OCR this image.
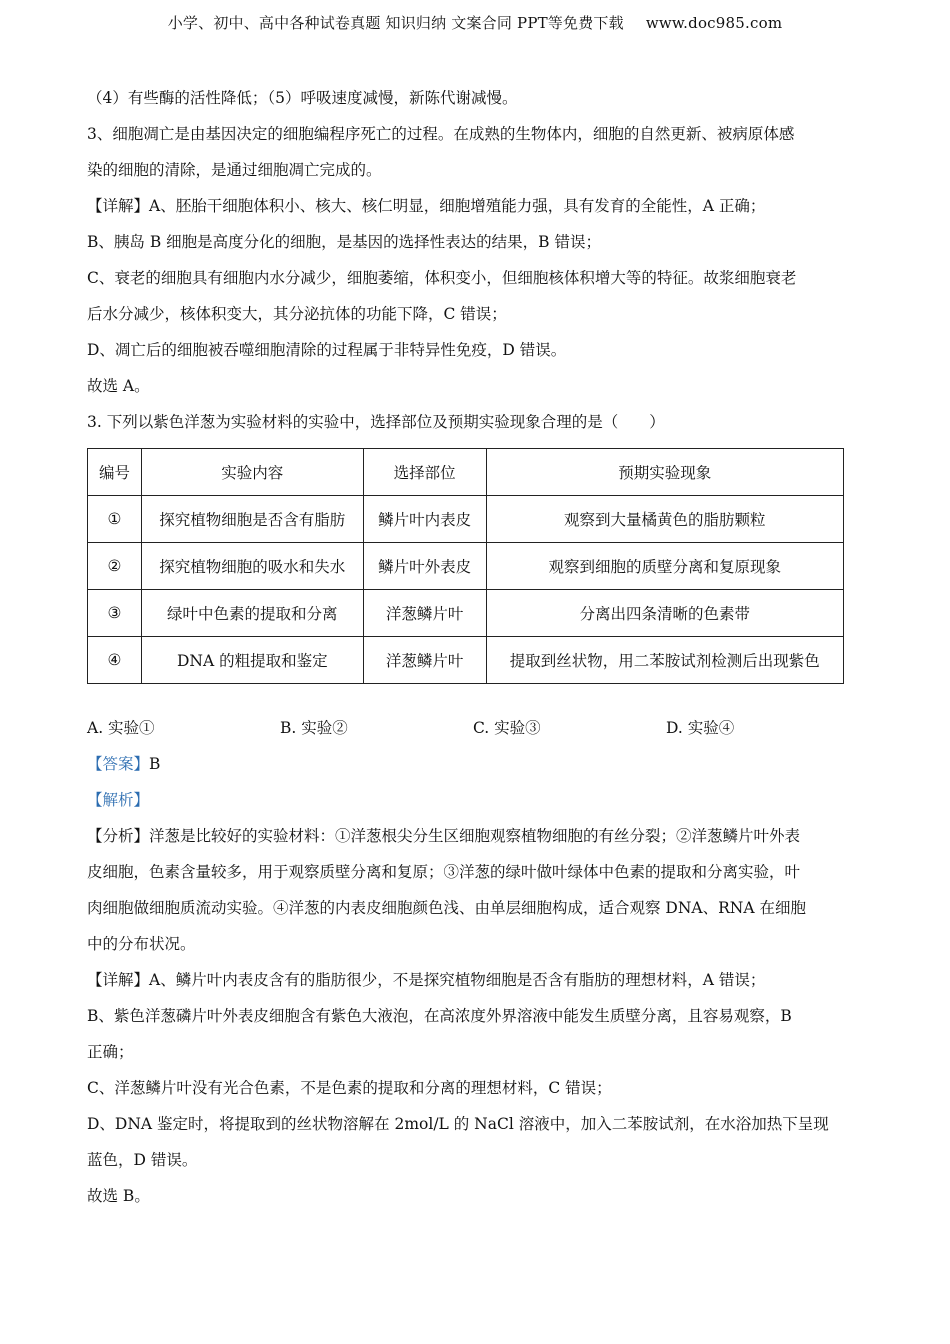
小学、初中、高中各种试卷真题 知识归纳 文案合同 PPT等免费下载 www.doc985.com

（4）有些酶的活性降低；（5）呼吸速度减慢，新陈代谢减慢。

3、细胞凋亡是由基因决定的细胞编程序死亡的过程。在成熟的生物体内，细胞的自然更新、被病原体感

染的细胞的清除，是通过细胞凋亡完成的。

【详解】A、胚胎干细胞体积小、核大、核仁明显，细胞增殖能力强，具有发育的全能性，A 正确；

B、胰岛 B 细胞是高度分化的细胞，是基因的选择性表达的结果，B 错误；

C、衰老的细胞具有细胞内水分减少，细胞萎缩，体积变小，但细胞核体积增大等的特征。故浆细胞衰老

后水分减少，核体积变大，其分泌抗体的功能下降，C 错误；

D、凋亡后的细胞被吞噬细胞清除的过程属于非特异性免疫，D 错误。

故选 A。

3. 下列以紫色洋葱为实验材料的实验中，选择部位及预期实验现象合理的是（　　）

编号	实验内容	选择部位	预期实验现象
①	探究植物细胞是否含有脂肪	鳞片叶内表皮	观察到大量橘黄色的脂肪颗粒
②	探究植物细胞的吸水和失水	鳞片叶外表皮	观察到细胞的质壁分离和复原现象
③	绿叶中色素的提取和分离	洋葱鳞片叶	分离出四条清晰的色素带
④	DNA 的粗提取和鉴定	洋葱鳞片叶	提取到丝状物，用二苯胺试剂检测后出现紫色
A. 实验①	B. 实验②	C. 实验③	D. 实验④

【答案】B

【解析】

【分析】洋葱是比较好的实验材料：①洋葱根尖分生区细胞观察植物细胞的有丝分裂；②洋葱鳞片叶外表

皮细胞，色素含量较多，用于观察质壁分离和复原；③洋葱的绿叶做叶绿体中色素的提取和分离实验，叶

肉细胞做细胞质流动实验。④洋葱的内表皮细胞颜色浅、由单层细胞构成，适合观察 DNA、RNA 在细胞

中的分布状况。

【详解】A、鳞片叶内表皮含有的脂肪很少，不是探究植物细胞是否含有脂肪的理想材料，A 错误；

B、紫色洋葱磷片叶外表皮细胞含有紫色大液泡，在高浓度外界溶液中能发生质壁分离，且容易观察，B

正确；

C、洋葱鳞片叶没有光合色素，不是色素的提取和分离的理想材料，C 错误；

D、DNA 鉴定时，将提取到的丝状物溶解在 2mol/L 的 NaCl 溶液中，加入二苯胺试剂，在水浴加热下呈现

蓝色，D 错误。

故选 B。
